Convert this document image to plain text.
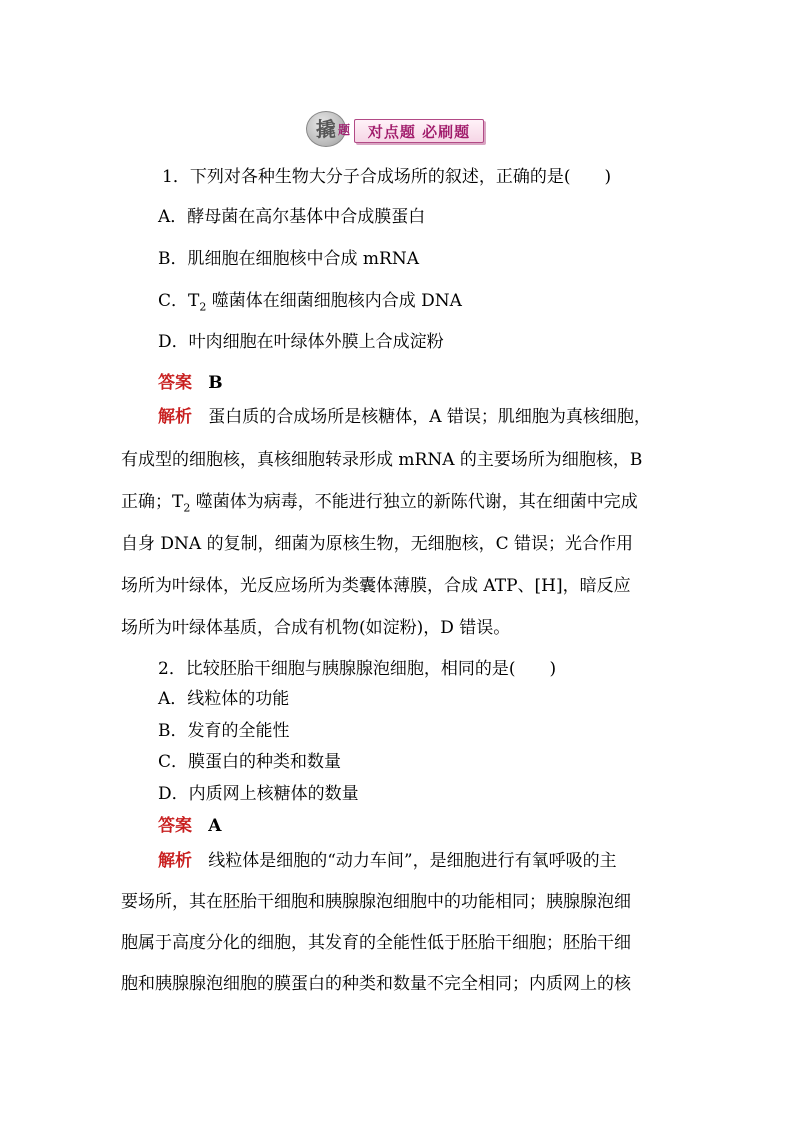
撬 题	对点题 必刷题
1．下列对各种生物大分子合成场所的叙述，正确的是(　　)
A．酵母菌在高尔基体中合成膜蛋白
B．肌细胞在细胞核中合成 mRNA
C．$T_2$ 噬菌体在细菌细胞核内合成 DNA
D．叶肉细胞在叶绿体外膜上合成淀粉
答案 B
解析 蛋白质的合成场所是核糖体，A 错误；肌细胞为真核细胞，
有成型的细胞核，真核细胞转录形成 mRNA 的主要场所为细胞核，B
正确；$T_2$ 噬菌体为病毒，不能进行独立的新陈代谢，其在细菌中完成
自身 DNA 的复制，细菌为原核生物，无细胞核，C 错误；光合作用
场所为叶绿体，光反应场所为类囊体薄膜，合成 ATP、[H]，暗反应
场所为叶绿体基质，合成有机物(如淀粉)，D 错误。
2．比较胚胎干细胞与胰腺腺泡细胞，相同的是(　　)
A．线粒体的功能
B．发育的全能性
C．膜蛋白的种类和数量
D．内质网上核糖体的数量
答案 A
解析 线粒体是细胞的“动力车间”，是细胞进行有氧呼吸的主
要场所，其在胚胎干细胞和胰腺腺泡细胞中的功能相同；胰腺腺泡细
胞属于高度分化的细胞，其发育的全能性低于胚胎干细胞；胚胎干细
胞和胰腺腺泡细胞的膜蛋白的种类和数量不完全相同；内质网上的核
